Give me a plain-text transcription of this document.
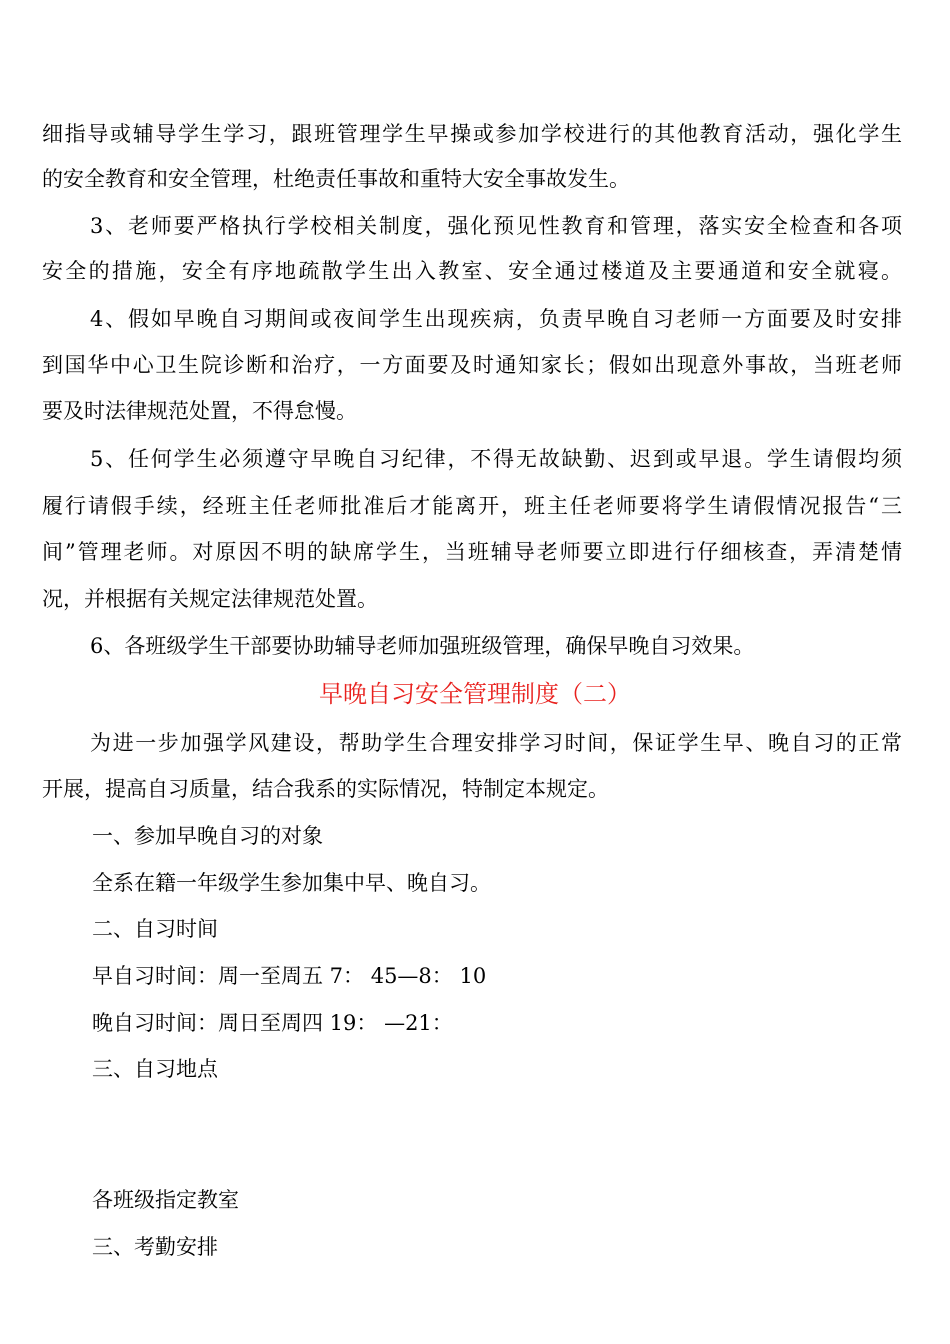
细指导或辅导学生学习，跟班管理学生早操或参加学校进行的其他教育活动，强化学生
的安全教育和安全管理，杜绝责任事故和重特大安全事故发生。
3、老师要严格执行学校相关制度，强化预见性教育和管理，落实安全检查和各项
安全的措施，安全有序地疏散学生出入教室、安全通过楼道及主要通道和安全就寝。
4、假如早晚自习期间或夜间学生出现疾病，负责早晚自习老师一方面要及时安排
到国华中心卫生院诊断和治疗，一方面要及时通知家长；假如出现意外事故，当班老师
要及时法律规范处置，不得怠慢。
5、任何学生必须遵守早晚自习纪律，不得无故缺勤、迟到或早退。学生请假均须
履行请假手续，经班主任老师批准后才能离开，班主任老师要将学生请假情况报告“三
间”管理老师。对原因不明的缺席学生，当班辅导老师要立即进行仔细核查，弄清楚情
况，并根据有关规定法律规范处置。
6、各班级学生干部要协助辅导老师加强班级管理，确保早晚自习效果。
早晚自习安全管理制度（二）
为进一步加强学风建设，帮助学生合理安排学习时间，保证学生早、晚自习的正常
开展，提高自习质量，结合我系的实际情况，特制定本规定。
一、参加早晚自习的对象
全系在籍一年级学生参加集中早、晚自习。
二、自习时间
早自习时间：周一至周五 7： 45—8： 10
晚自习时间：周日至周四 19： —21：
三、自习地点
各班级指定教室
三、考勤安排
